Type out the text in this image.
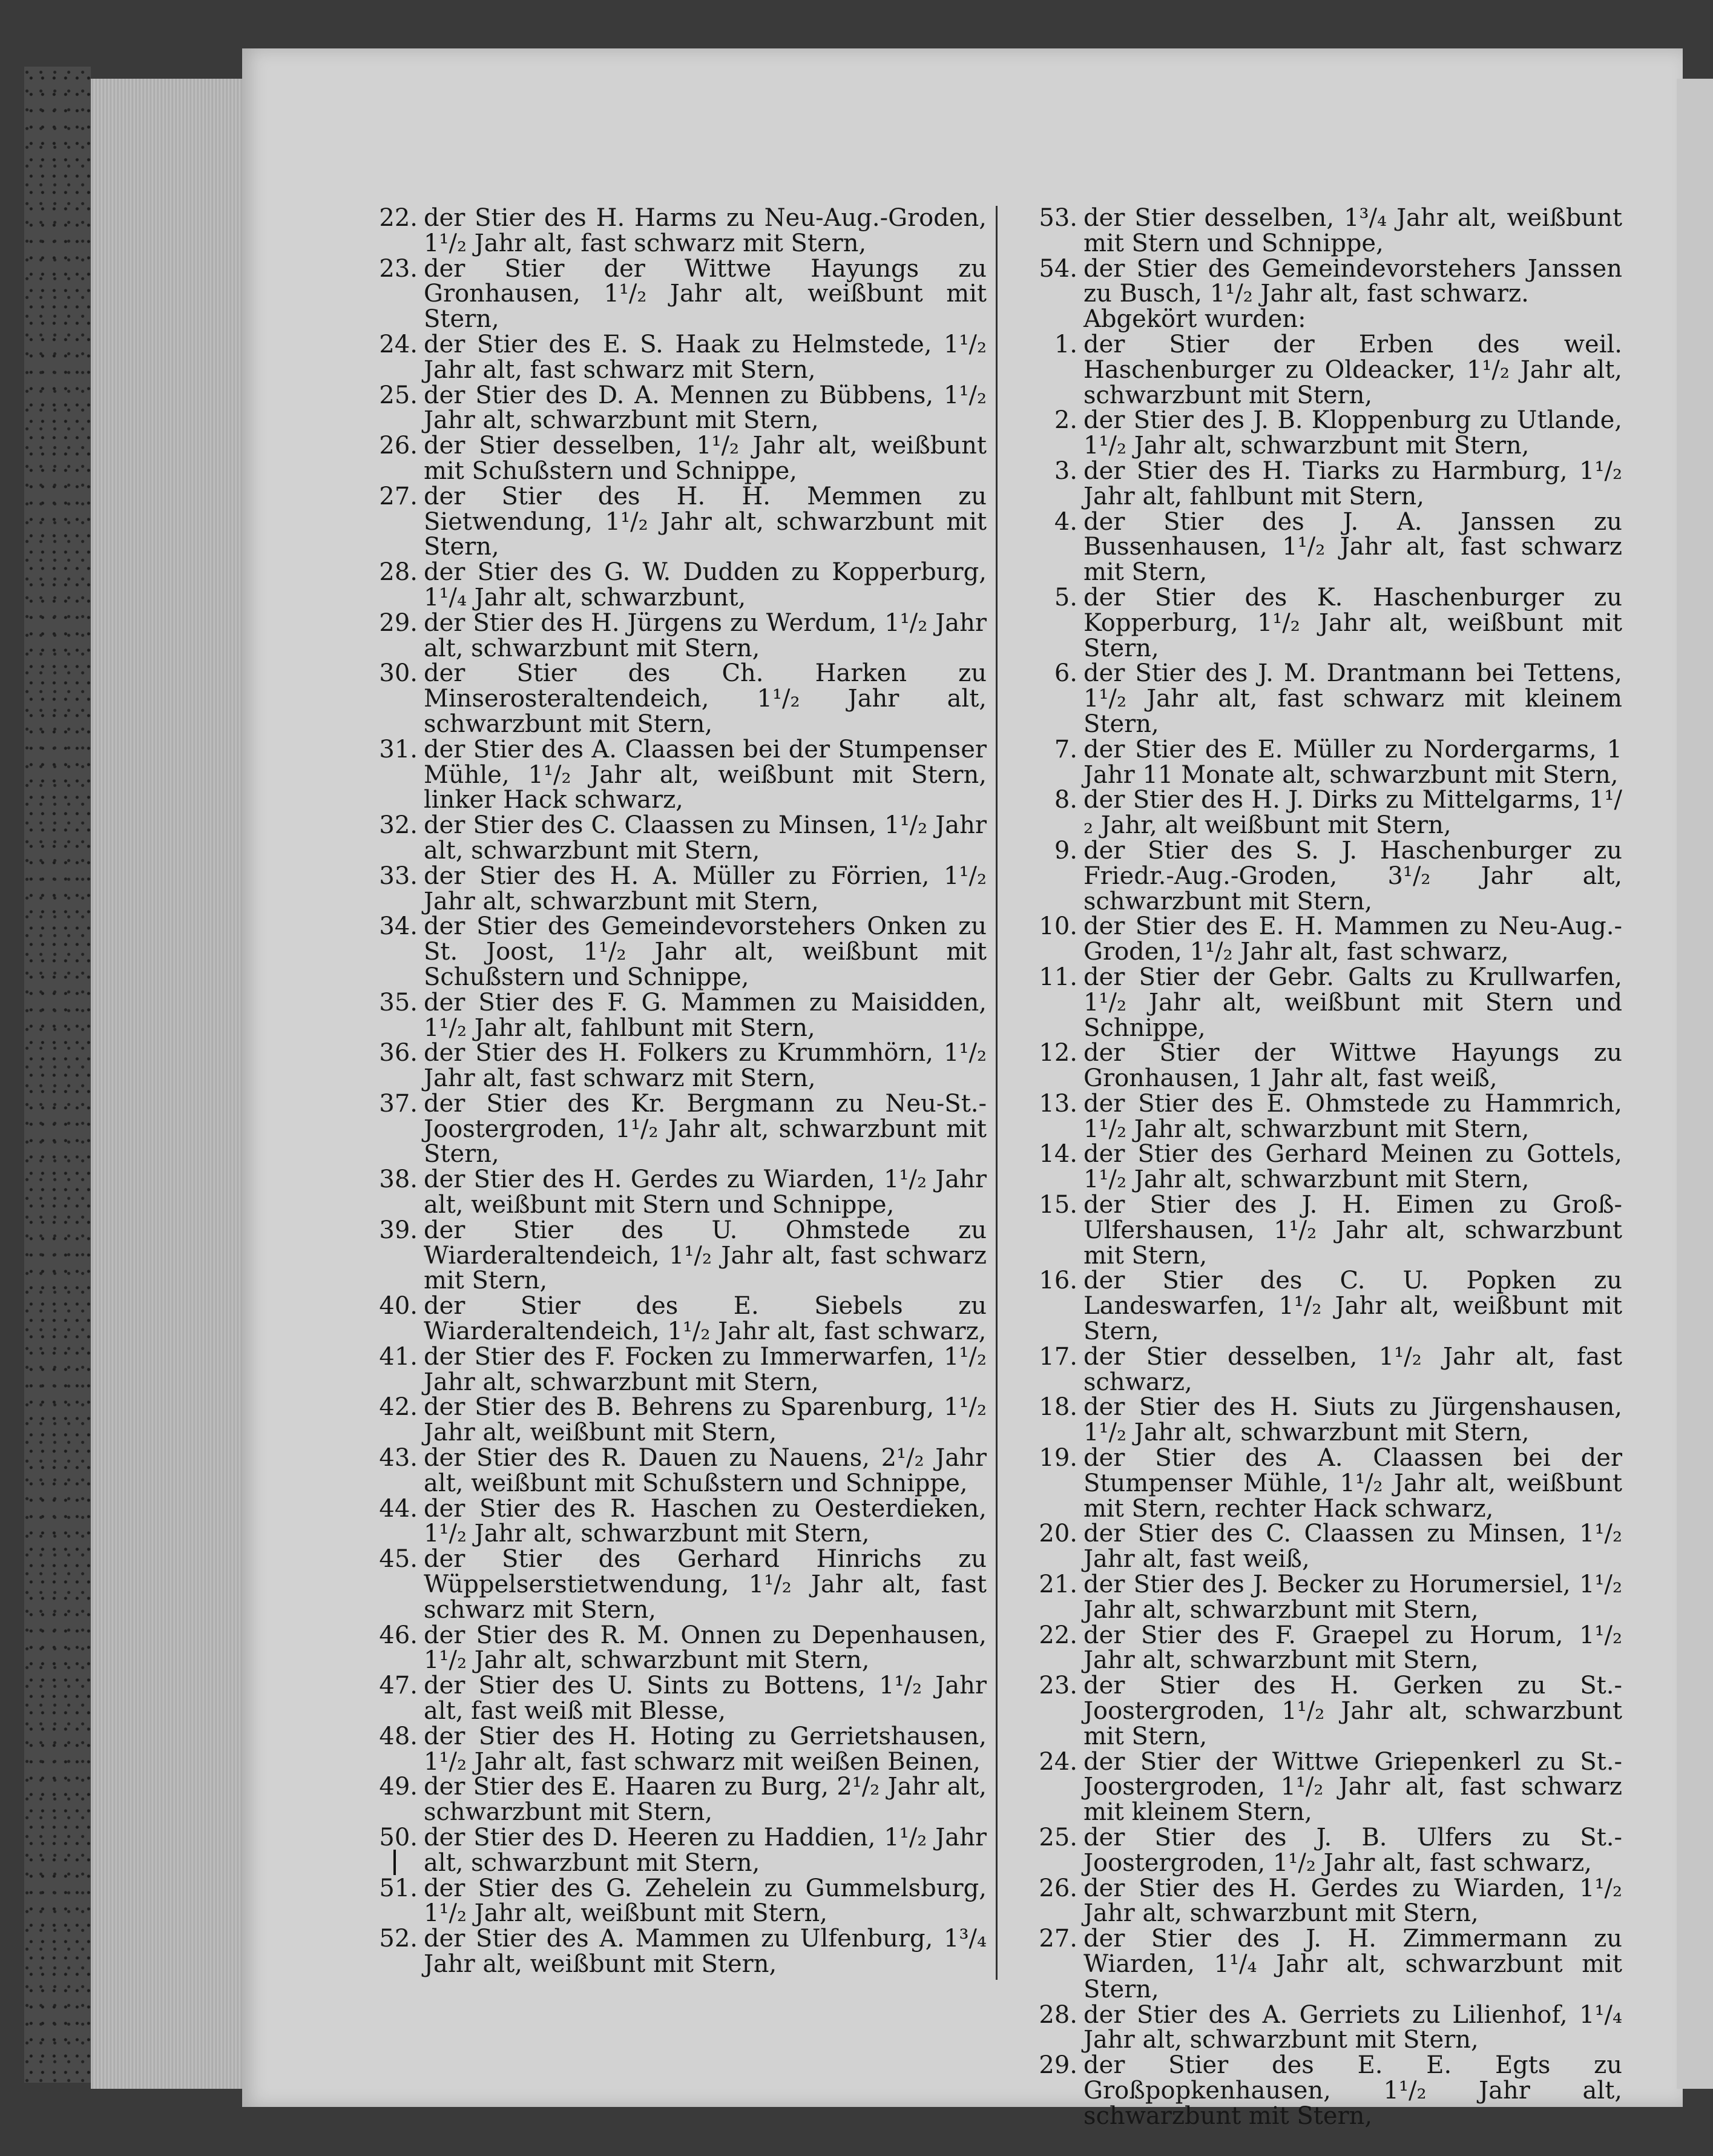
22. der Stier des H. Harms zu Neu-Aug.-Groden, 1¹/₂ Jahr alt, fast schwarz mit Stern,

23. der Stier der Wittwe Hayungs zu Gronhausen, 1¹/₂ Jahr alt, weißbunt mit Stern,

24. der Stier des E. S. Haak zu Helmstede, 1¹/₂ Jahr alt, fast schwarz mit Stern,

25. der Stier des D. A. Mennen zu Bübbens, 1¹/₂ Jahr alt, schwarzbunt mit Stern,

26. der Stier desselben, 1¹/₂ Jahr alt, weißbunt mit Schußstern und Schnippe,

27. der Stier des H. H. Memmen zu Sietwendung, 1¹/₂ Jahr alt, schwarzbunt mit Stern,

28. der Stier des G. W. Dudden zu Kopperburg, 1¹/₄ Jahr alt, schwarzbunt,

29. der Stier des H. Jürgens zu Werdum, 1¹/₂ Jahr alt, schwarzbunt mit Stern,

30. der Stier des Ch. Harken zu Minserosteraltendeich, 1¹/₂ Jahr alt, schwarzbunt mit Stern,

31. der Stier des A. Claassen bei der Stumpenser Mühle, 1¹/₂ Jahr alt, weißbunt mit Stern, linker Hack schwarz,

32. der Stier des C. Claassen zu Minsen, 1¹/₂ Jahr alt, schwarzbunt mit Stern,

33. der Stier des H. A. Müller zu Förrien, 1¹/₂ Jahr alt, schwarzbunt mit Stern,

34. der Stier des Gemeindevorstehers Onken zu St. Joost, 1¹/₂ Jahr alt, weißbunt mit Schußstern und Schnippe,

35. der Stier des F. G. Mammen zu Maisidden, 1¹/₂ Jahr alt, fahlbunt mit Stern,

36. der Stier des H. Folkers zu Krummhörn, 1¹/₂ Jahr alt, fast schwarz mit Stern,

37. der Stier des Kr. Bergmann zu Neu-St.-Joostergroden, 1¹/₂ Jahr alt, schwarzbunt mit Stern,

38. der Stier des H. Gerdes zu Wiarden, 1¹/₂ Jahr alt, weißbunt mit Stern und Schnippe,

39. der Stier des U. Ohmstede zu Wiarderaltendeich, 1¹/₂ Jahr alt, fast schwarz mit Stern,

40. der Stier des E. Siebels zu Wiarderaltendeich, 1¹/₂ Jahr alt, fast schwarz,

41. der Stier des F. Focken zu Immerwarfen, 1¹/₂ Jahr alt, schwarzbunt mit Stern,

42. der Stier des B. Behrens zu Sparenburg, 1¹/₂ Jahr alt, weißbunt mit Stern,

43. der Stier des R. Dauen zu Nauens, 2¹/₂ Jahr alt, weißbunt mit Schußstern und Schnippe,

44. der Stier des R. Haschen zu Oesterdieken, 1¹/₂ Jahr alt, schwarzbunt mit Stern,

45. der Stier des Gerhard Hinrichs zu Wüppelserstietwendung, 1¹/₂ Jahr alt, fast schwarz mit Stern,

46. der Stier des R. M. Onnen zu Depenhausen, 1¹/₂ Jahr alt, schwarzbunt mit Stern,

47. der Stier des U. Sints zu Bottens, 1¹/₂ Jahr alt, fast weiß mit Blesse,

48. der Stier des H. Hoting zu Gerrietshausen, 1¹/₂ Jahr alt, fast schwarz mit weißen Beinen,

49. der Stier des E. Haaren zu Burg, 2¹/₂ Jahr alt, schwarzbunt mit Stern,

50. der Stier des D. Heeren zu Haddien, 1¹/₂ Jahr alt, schwarzbunt mit Stern,

51. der Stier des G. Zehelein zu Gummelsburg, 1¹/₂ Jahr alt, weißbunt mit Stern,

52. der Stier des A. Mammen zu Ulfenburg, 1³/₄ Jahr alt, weißbunt mit Stern,

53. der Stier desselben, 1³/₄ Jahr alt, weißbunt mit Stern und Schnippe,

54. der Stier des Gemeindevorstehers Janssen zu Busch, 1¹/₂ Jahr alt, fast schwarz.

Abgekört wurden:

1. der Stier der Erben des weil. Haschenburger zu Oldeacker, 1¹/₂ Jahr alt, schwarzbunt mit Stern,

2. der Stier des J. B. Kloppenburg zu Utlande, 1¹/₂ Jahr alt, schwarzbunt mit Stern,

3. der Stier des H. Tiarks zu Harmburg, 1¹/₂ Jahr alt, fahlbunt mit Stern,

4. der Stier des J. A. Janssen zu Bussenhausen, 1¹/₂ Jahr alt, fast schwarz mit Stern,

5. der Stier des K. Haschenburger zu Kopperburg, 1¹/₂ Jahr alt, weißbunt mit Stern,

6. der Stier des J. M. Drantmann bei Tettens, 1¹/₂ Jahr alt, fast schwarz mit kleinem Stern,

7. der Stier des E. Müller zu Nordergarms, 1 Jahr 11 Monate alt, schwarzbunt mit Stern,

8. der Stier des H. J. Dirks zu Mittelgarms, 1¹/₂ Jahr, alt weißbunt mit Stern,

9. der Stier des S. J. Haschenburger zu Friedr.-Aug.-Groden, 3¹/₂ Jahr alt, schwarzbunt mit Stern,

10. der Stier des E. H. Mammen zu Neu-Aug.-Groden, 1¹/₂ Jahr alt, fast schwarz,

11. der Stier der Gebr. Galts zu Krullwarfen, 1¹/₂ Jahr alt, weißbunt mit Stern und Schnippe,

12. der Stier der Wittwe Hayungs zu Gronhausen, 1 Jahr alt, fast weiß,

13. der Stier des E. Ohmstede zu Hammrich, 1¹/₂ Jahr alt, schwarzbunt mit Stern,

14. der Stier des Gerhard Meinen zu Gottels, 1¹/₂ Jahr alt, schwarzbunt mit Stern,

15. der Stier des J. H. Eimen zu Groß-Ulfershausen, 1¹/₂ Jahr alt, schwarzbunt mit Stern,

16. der Stier des C. U. Popken zu Landeswarfen, 1¹/₂ Jahr alt, weißbunt mit Stern,

17. der Stier desselben, 1¹/₂ Jahr alt, fast schwarz,

18. der Stier des H. Siuts zu Jürgenshausen, 1¹/₂ Jahr alt, schwarzbunt mit Stern,

19. der Stier des A. Claassen bei der Stumpenser Mühle, 1¹/₂ Jahr alt, weißbunt mit Stern, rechter Hack schwarz,

20. der Stier des C. Claassen zu Minsen, 1¹/₂ Jahr alt, fast weiß,

21. der Stier des J. Becker zu Horumersiel, 1¹/₂ Jahr alt, schwarzbunt mit Stern,

22. der Stier des F. Graepel zu Horum, 1¹/₂ Jahr alt, schwarzbunt mit Stern,

23. der Stier des H. Gerken zu St.-Joostergroden, 1¹/₂ Jahr alt, schwarzbunt mit Stern,

24. der Stier der Wittwe Griepenkerl zu St.-Joostergroden, 1¹/₂ Jahr alt, fast schwarz mit kleinem Stern,

25. der Stier des J. B. Ulfers zu St.-Joostergroden, 1¹/₂ Jahr alt, fast schwarz,

26. der Stier des H. Gerdes zu Wiarden, 1¹/₂ Jahr alt, schwarzbunt mit Stern,

27. der Stier des J. H. Zimmermann zu Wiarden, 1¹/₄ Jahr alt, schwarzbunt mit Stern,

28. der Stier des A. Gerriets zu Lilienhof, 1¹/₄ Jahr alt, schwarzbunt mit Stern,

29. der Stier des E. E. Egts zu Großpopkenhausen, 1¹/₂ Jahr alt, schwarzbunt mit Stern,
